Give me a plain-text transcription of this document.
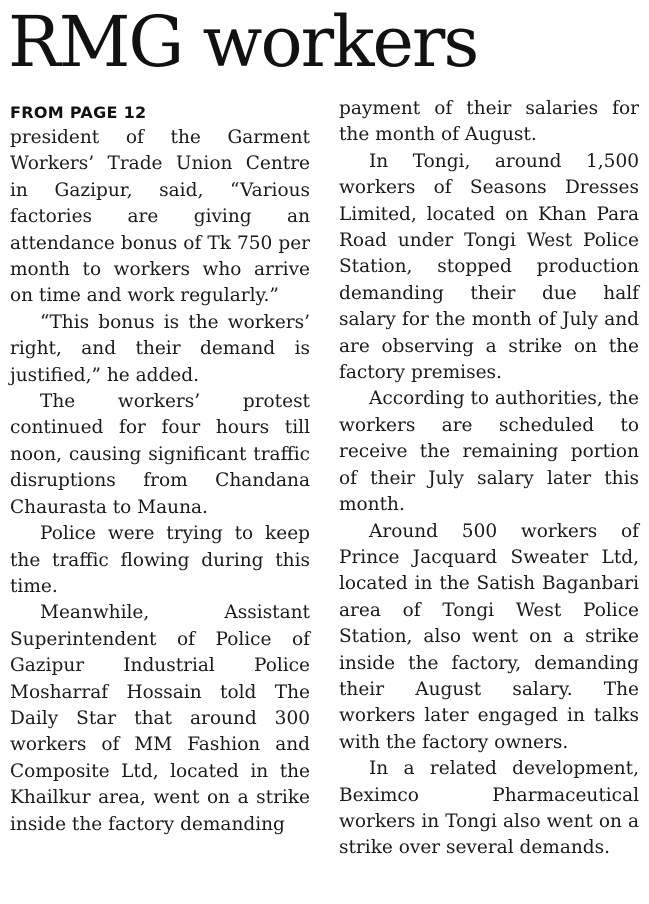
RMG workers
FROM PAGE 12

president of the Garment Workers’ Trade Union Centre in Gazipur, said, “Various factories are giving an attendance bonus of Tk 750 per month to workers who arrive on time and work regularly.”

“This bonus is the workers’ right, and their demand is justified,” he added.

The workers’ protest continued for four hours till noon, causing significant traffic disruptions from Chandana Chaurasta to Mauna.

Police were trying to keep the traffic flowing during this time.

Meanwhile, Assistant Superintendent of Police of Gazipur Industrial Police Mosharraf Hossain told The Daily Star that around 300 workers of MM Fashion and Composite Ltd, located in the Khailkur area, went on a strike inside the factory demanding

payment of their salaries for the month of August.

In Tongi, around 1,500 workers of Seasons Dresses Limited, located on Khan Para Road under Tongi West Police Station, stopped production demanding their due half salary for the month of July and are observing a strike on the factory premises.

According to authorities, the workers are scheduled to receive the remaining portion of their July salary later this month.

Around 500 workers of Prince Jacquard Sweater Ltd, located in the Satish Baganbari area of Tongi West Police Station, also went on a strike inside the factory, demanding their August salary. The workers later engaged in talks with the factory owners.

In a related development, Beximco Pharmaceutical workers in Tongi also went on a strike over several demands.
